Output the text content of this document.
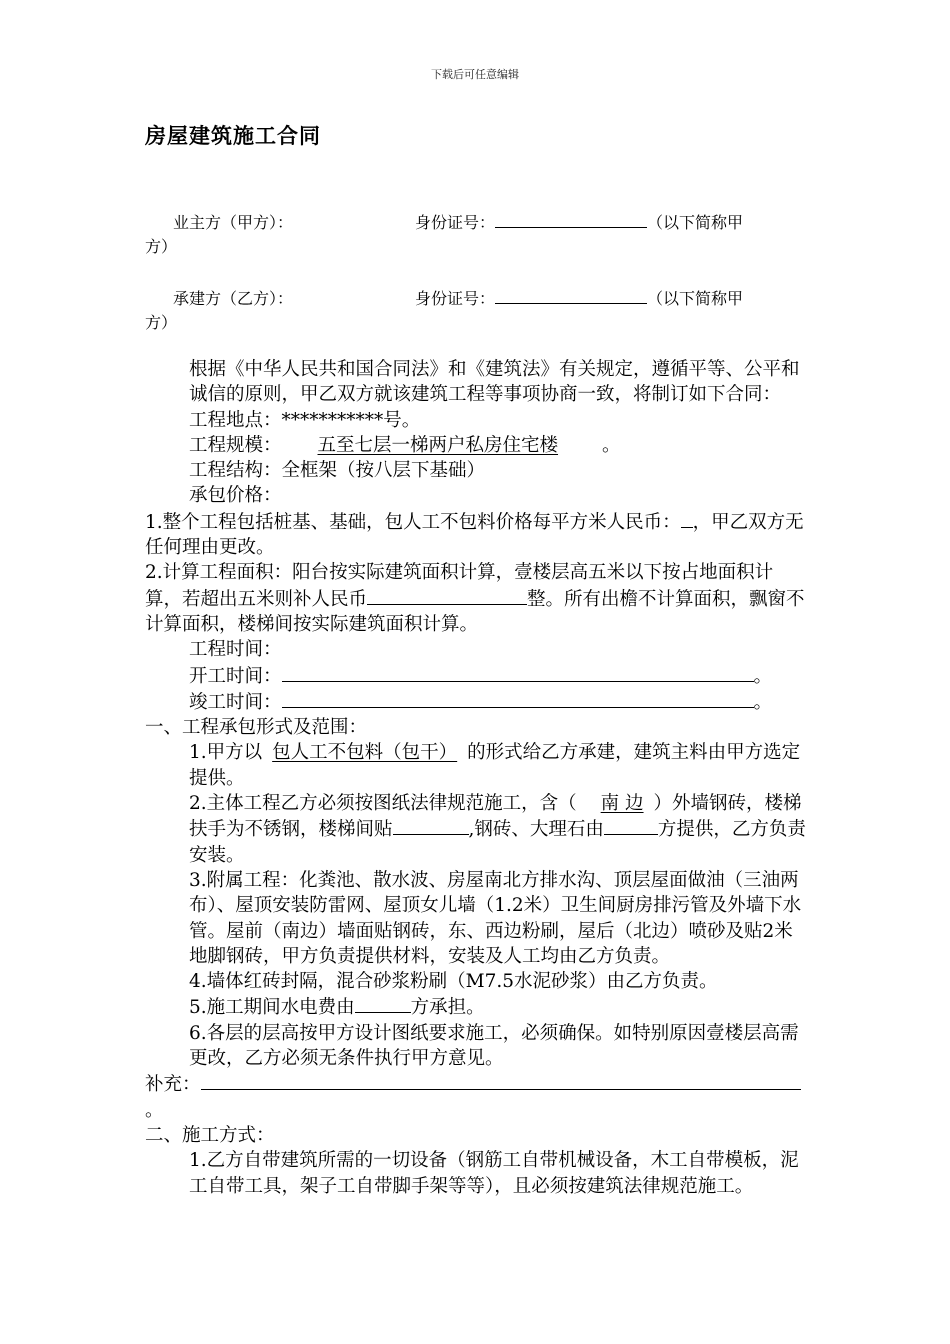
下载后可任意编辑
房屋建筑施工合同
业主方（甲方）：	身份证号：	（以下简称甲
方）
承建方（乙方）：	身份证号：	（以下简称甲
方）

根据《中华人民共和国合同法》和《建筑法》有关规定，遵循平等、公平和诚信的原则，甲乙双方就该建筑工程等事项协商一致，将制订如下合同：

工程地点：***********号。

工程规模： 五至七层一梯两户私房住宅楼 。

工程结构：全框架（按八层下基础）

承包价格：

1.整个工程包括桩基、基础，包人工不包料价格每平方米人民币： ，甲乙双方无任何理由更改。

2.计算工程面积：阳台按实际建筑面积计算，壹楼层高五米以下按占地面积计算，若超出五米则补人民币	整。所有出檐不计算面积，飘窗不计算面积，楼梯间按实际建筑面积计算。

工程时间：

开工时间：	。

竣工时间：	。

一、工程承包形式及范围：

1.甲方以 包人工不包料（包干） 的形式给乙方承建，建筑主料由甲方选定提供。

2.主体工程乙方必须按图纸法律规范施工，含（ 南 边 ）外墙钢砖，楼梯扶手为不锈钢，楼梯间贴	,钢砖、大理石由	方提供，乙方负责安装。

3.附属工程：化粪池、散水波、房屋南北方排水沟、顶层屋面做油（三油两布）、屋顶安装防雷网、屋顶女儿墙（1.2米）卫生间厨房排污管及外墙下水管。屋前（南边）墙面贴钢砖，东、西边粉刷，屋后（北边）喷砂及贴2米地脚钢砖，甲方负责提供材料，安装及人工均由乙方负责。

4.墙体红砖封隔，混合砂浆粉刷（M7.5水泥砂浆）由乙方负责。

5.施工期间水电费由	方承担。

6.各层的层高按甲方设计图纸要求施工，必须确保。如特别原因壹楼层高需更改，乙方必须无条件执行甲方意见。

补充：

。

二、施工方式：

1.乙方自带建筑所需的一切设备（钢筋工自带机械设备，木工自带模板，泥工自带工具，架子工自带脚手架等等），且必须按建筑法律规范施工。
